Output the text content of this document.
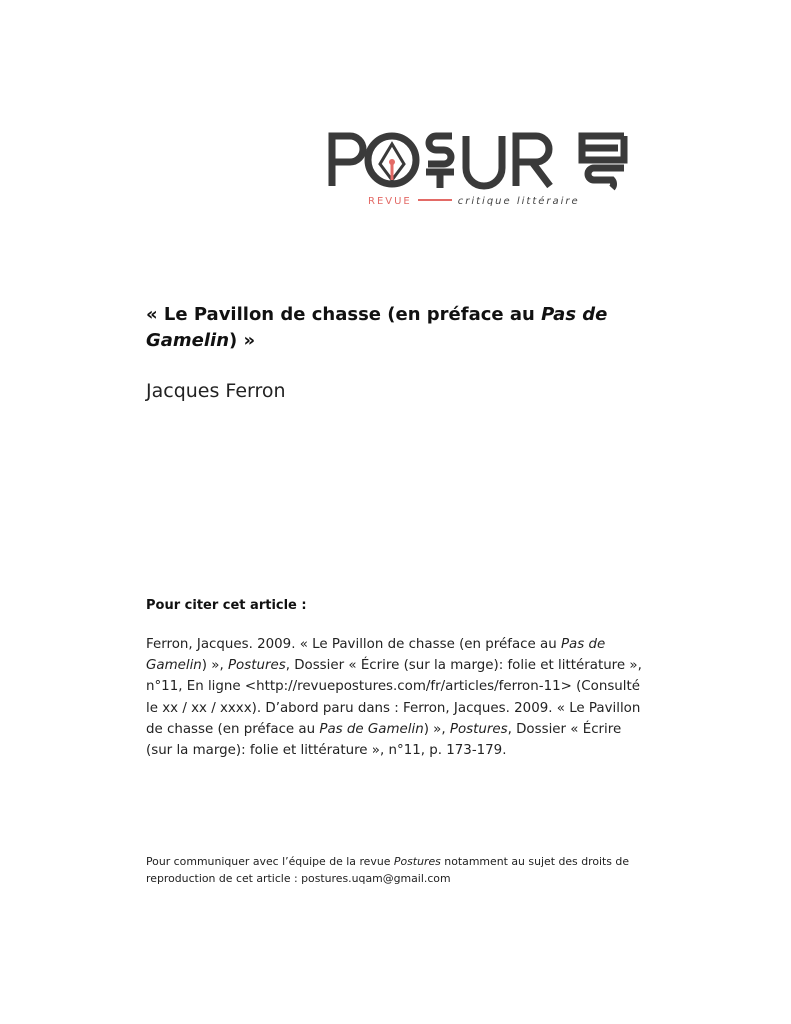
REVUE	critique littéraire
« Le Pavillon de chasse (en préface au Pas de Gamelin) »
Jacques Ferron
Pour citer cet article :
Ferron, Jacques. 2009. « Le Pavillon de chasse (en préface au Pas de Gamelin) », Postures, Dossier « Écrire (sur la marge): folie et littérature », n°11, En ligne <http://revuepostures.com/fr/articles/ferron-11> (Consulté le xx / xx / xxxx). D’abord paru dans : Ferron, Jacques. 2009. « Le Pavillon de chasse (en préface au Pas de Gamelin) », Postures, Dossier « Écrire (sur la marge): folie et littérature », n°11, p. 173-179.
Pour communiquer avec l’équipe de la revue Postures notamment au sujet des droits de reproduction de cet article : postures.uqam@gmail.com
